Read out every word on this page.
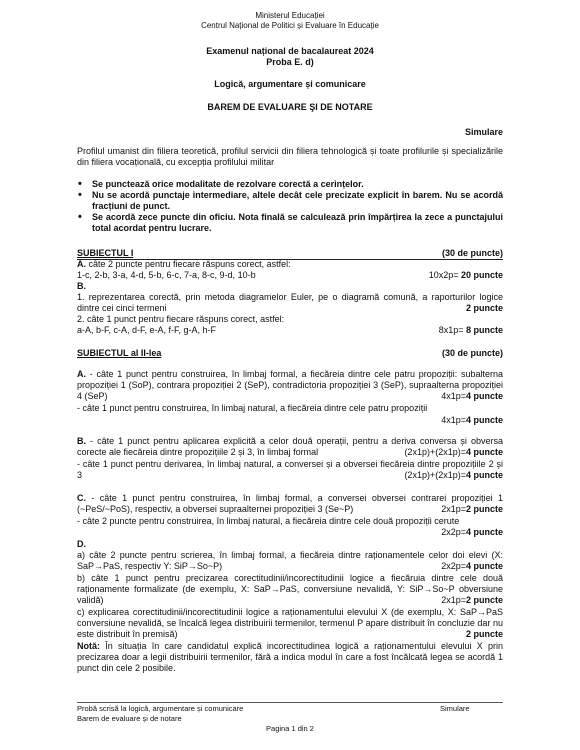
Ministerul Educației
Centrul Național de Politici și Evaluare în Educație
Examenul național de bacalaureat 2024
Proba E. d)
Logică, argumentare și comunicare
BAREM DE EVALUARE ŞI DE NOTARE
Simulare
Profilul umanist din filiera teoretică, profilul servicii din filiera tehnologică și toate profilurile și specializările din filiera vocațională, cu excepția profilului militar
• Se punctează orice modalitate de rezolvare corectă a cerințelor.
• Nu se acordă punctaje intermediare, altele decât cele precizate explicit în barem. Nu se acordă fracțiuni de punct.
• Se acordă zece puncte din oficiu. Nota finală se calculează prin împărțirea la zece a punctajului total acordat pentru lucrare.
SUBIECTUL I	(30 de puncte)
A. câte 2 puncte pentru fiecare răspuns corect, astfel:
1-c, 2-b, 3-a, 4-d, 5-b, 6-c, 7-a, 8-c, 9-d, 10-b	10x2p= 20 puncte
B.
1. reprezentarea corectă, prin metoda diagramelor Euler, pe o diagramă comună, a raporturilor logice dintre cei cinci termeni	2 puncte
2. câte 1 punct pentru fiecare răspuns corect, astfel:
a-A, b-F, c-A, d-F, e-A, f-F, g-A, h-F	8x1p= 8 puncte
SUBIECTUL al II-lea	(30 de puncte)
A. - câte 1 punct pentru construirea, în limbaj formal, a fiecăreia dintre cele patru propoziții: subalterna propoziției 1 (SoP), contrara propoziției 2 (SeP), contradictoria propoziției 3 (SeP), supraalterna propoziției 4 (SeP)	4x1p=4 puncte
- câte 1 punct pentru construirea, în limbaj natural, a fiecăreia dintre cele patru propoziții
4x1p=4 puncte
B. - câte 1 punct pentru aplicarea explicită a celor două operații, pentru a deriva conversa și obversa corecte ale fiecăreia dintre propozițiile 2 și 3, în limbaj formal	(2x1p)+(2x1p)=4 puncte
- câte 1 punct pentru derivarea, în limbaj natural, a conversei și a obversei fiecăreia dintre propozițiile 2 și 3	(2x1p)+(2x1p)=4 puncte
C. - câte 1 punct pentru construirea, în limbaj formal, a conversei obversei contrarei propoziției 1 (~PeS/~PoS), respectiv, a obversei supraalternei propoziției 3 (Se~P)	2x1p=2 puncte
- câte 2 puncte pentru construirea, în limbaj natural, a fiecăreia dintre cele două propoziții cerute
2x2p=4 puncte
D.
a) câte 2 puncte pentru scrierea, în limbaj formal, a fiecăreia dintre raționamentele celor doi elevi (X: SaP→PaS, respectiv Y: SiP→So~P)	2x2p=4 puncte
b) câte 1 punct pentru precizarea corectitudinii/incorectitudinii logice a fiecăruia dintre cele două raționamente formalizate (de exemplu, X: SaP→PaS, conversiune nevalidă, Y: SiP→So~P obversiune validă)	2x1p=2 puncte
c) explicarea corectitudinii/incorectitudinii logice a raționamentului elevului X (de exemplu, X: SaP→PaS conversiune nevalidă, se încalcă legea distribuirii termenilor, termenul P apare distribuit în concluzie dar nu este distribuit în premisă)	2 puncte
Notă: În situația în care candidatul explică incorectitudinea logică a raționamentului elevului X prin precizarea doar a legii distribuirii termenilor, fără a indica modul în care a fost încălcată legea se acordă 1 punct din cele 2 posibile.
Probă scrisă la logică, argumentare și comunicare	Simulare
Barem de evaluare și de notare
Pagina 1 din 2
